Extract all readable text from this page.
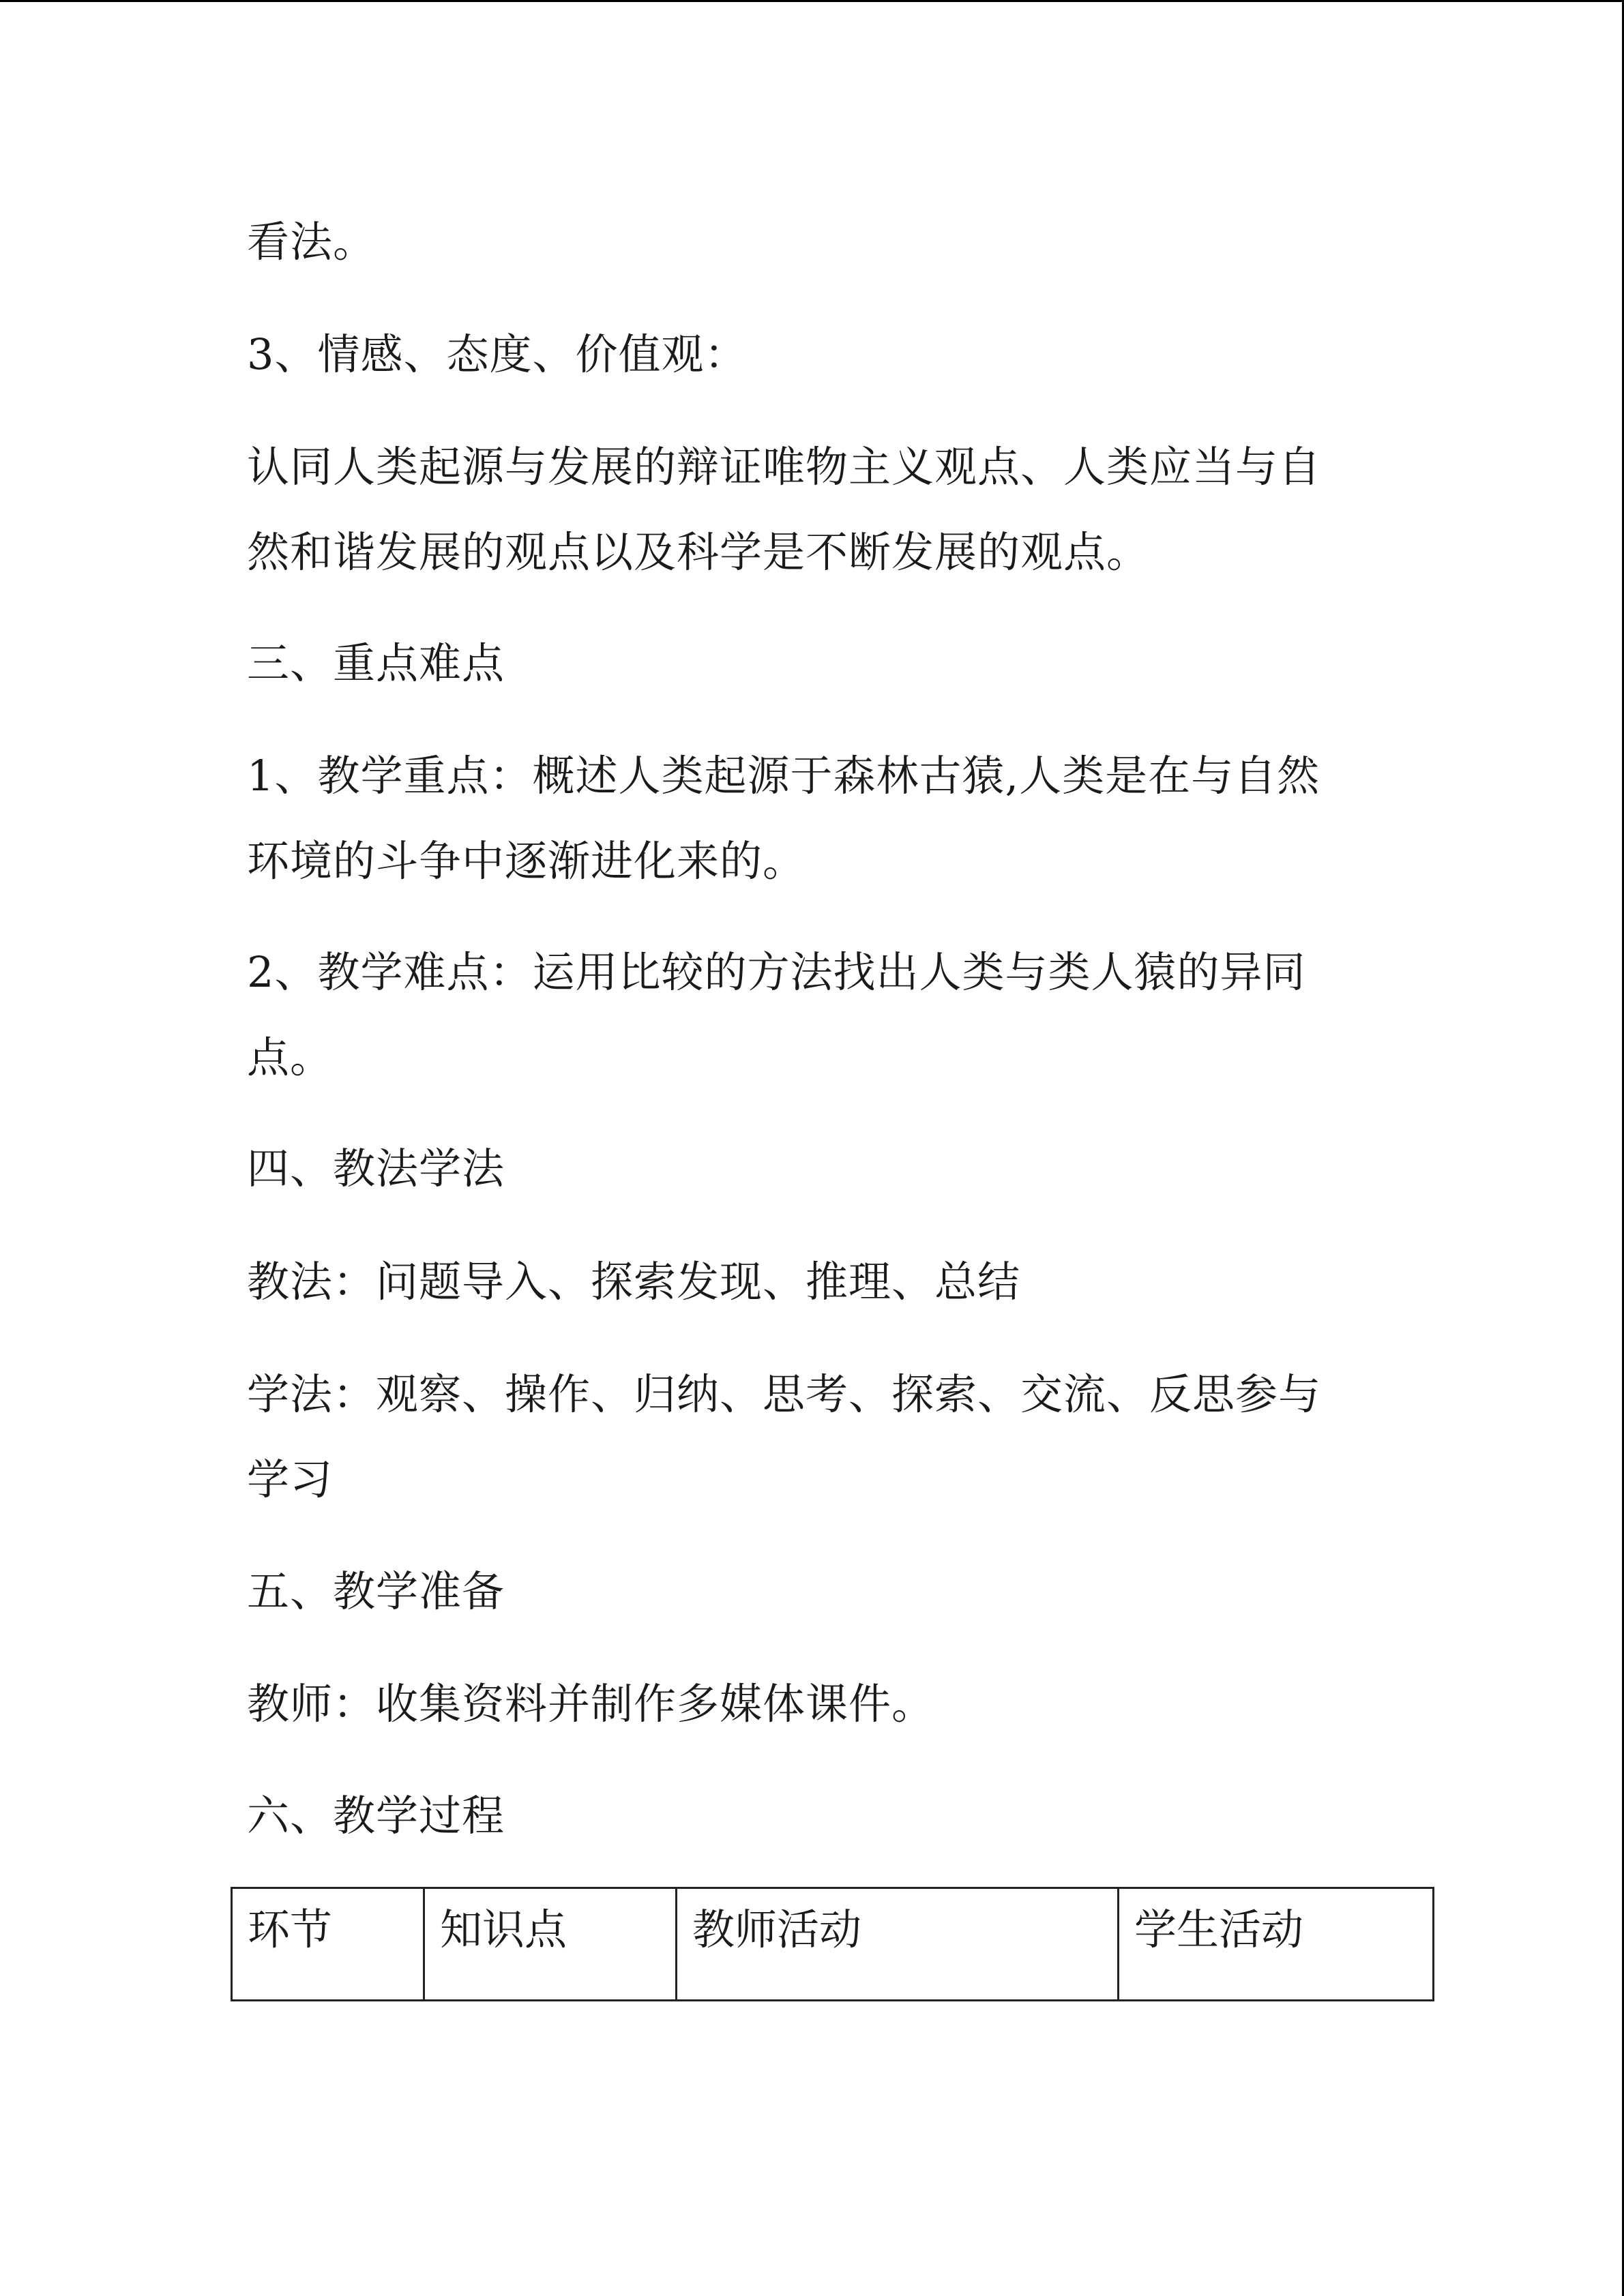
看法。
3、情感、态度、价值观：
认同人类起源与发展的辩证唯物主义观点、人类应当与自
然和谐发展的观点以及科学是不断发展的观点。
三、重点难点
1、教学重点：概述人类起源于森林古猿,人类是在与自然
环境的斗争中逐渐进化来的。
2、教学难点：运用比较的方法找出人类与类人猿的异同
点。
四、教法学法
教法：问题导入、探索发现、推理、总结
学法：观察、操作、归纳、思考、探索、交流、反思参与
学习
五、教学准备
教师：收集资料并制作多媒体课件。
六、教学过程
环节	知识点	教师活动	学生活动
